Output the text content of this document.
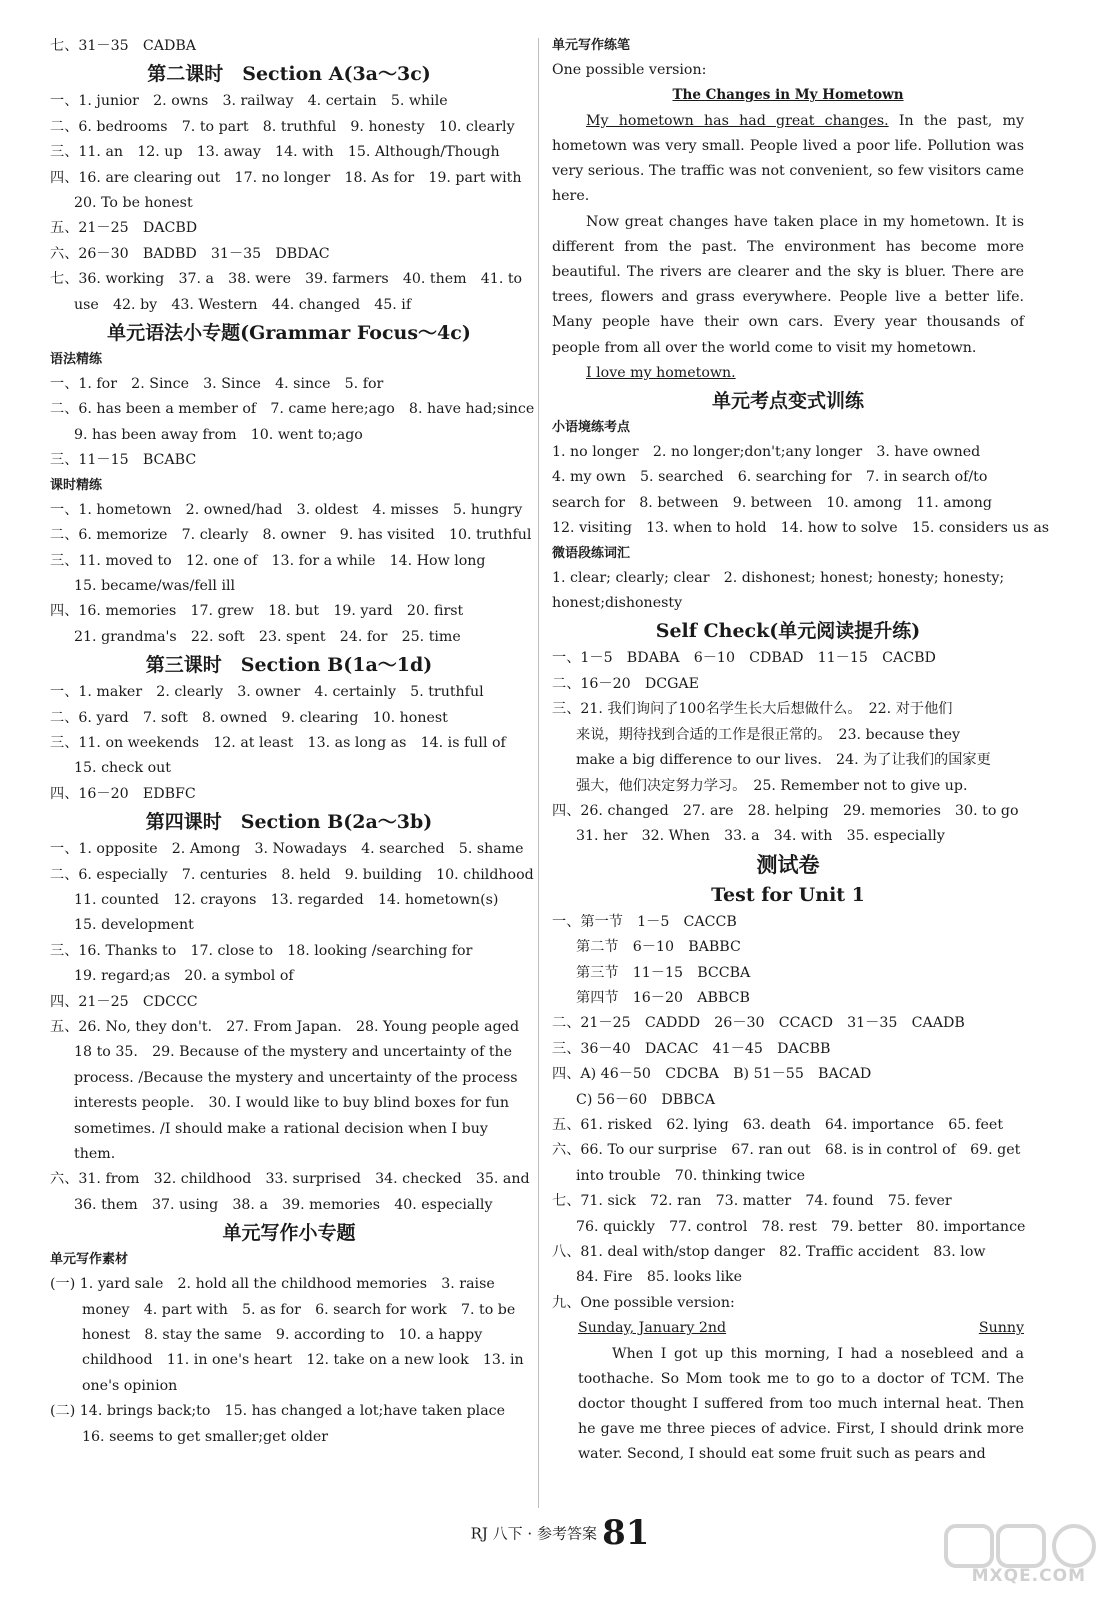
七、31－35　CADBA
第二课时　Section A(3a～3c)
一、1. junior　2. owns　3. railway　4. certain　5. while
二、6. bedrooms　7. to part　8. truthful　9. honesty　10. clearly
三、11. an　12. up　13. away　14. with　15. Although/Though
四、16. are clearing out　17. no longer　18. As for　19. part with
20. To be honest
五、21－25　DACBD
六、26－30　BADBD　31－35　DBDAC
七、36. working　37. a　38. were　39. farmers　40. them　41. to
use　42. by　43. Western　44. changed　45. if
单元语法小专题(Grammar Focus～4c)
语法精练
一、1. for　2. Since　3. Since　4. since　5. for
二、6. has been a member of　7. came here;ago　8. have had;since
9. has been away from　10. went to;ago
三、11－15　BCABC
课时精练
一、1. hometown　2. owned/had　3. oldest　4. misses　5. hungry
二、6. memorize　7. clearly　8. owner　9. has visited　10. truthful
三、11. moved to　12. one of　13. for a while　14. How long
15. became/was/fell ill
四、16. memories　17. grew　18. but　19. yard　20. first
21. grandma's　22. soft　23. spent　24. for　25. time
第三课时　Section B(1a～1d)
一、1. maker　2. clearly　3. owner　4. certainly　5. truthful
二、6. yard　7. soft　8. owned　9. clearing　10. honest
三、11. on weekends　12. at least　13. as long as　14. is full of
15. check out
四、16－20　EDBFC
第四课时　Section B(2a～3b)
一、1. opposite　2. Among　3. Nowadays　4. searched　5. shame
二、6. especially　7. centuries　8. held　9. building　10. childhood
11. counted　12. crayons　13. regarded　14. hometown(s)
15. development
三、16. Thanks to　17. close to　18. looking /searching for
19. regard;as　20. a symbol of
四、21－25　CDCCC
五、26. No, they don't.　27. From Japan.　28. Young people aged
18 to 35.　29. Because of the mystery and uncertainty of the
process. /Because the mystery and uncertainty of the process
interests people.　30. I would like to buy blind boxes for fun
sometimes. /I should make a rational decision when I buy
them.
六、31. from　32. childhood　33. surprised　34. checked　35. and
36. them　37. using　38. a　39. memories　40. especially
单元写作小专题
单元写作素材
(一) 1. yard sale　2. hold all the childhood memories　3. raise
money　4. part with　5. as for　6. search for work　7. to be
honest　8. stay the same　9. according to　10. a happy
childhood　11. in one's heart　12. take on a new look　13. in
one's opinion
(二) 14. brings back;to　15. has changed a lot;have taken place
16. seems to get smaller;get older
单元写作练笔
One possible version:
The Changes in My Hometown
My hometown has had great changes. In the past, my hometown was very small. People lived a poor life. Pollution was very serious. The traffic was not convenient, so few visitors came here.
Now great changes have taken place in my hometown. It is different from the past. The environment has become more beautiful. The rivers are clearer and the sky is bluer. There are trees, flowers and grass everywhere. People live a better life. Many people have their own cars. Every year thousands of people from all over the world come to visit my hometown.
I love my hometown.
单元考点变式训练
小语境练考点
1. no longer　2. no longer;don't;any longer　3. have owned
4. my own　5. searched　6. searching for　7. in search of/to
search for　8. between　9. between　10. among　11. among
12. visiting　13. when to hold　14. how to solve　15. considers us as
微语段练词汇
1. clear; clearly; clear　2. dishonest; honest; honesty; honesty;
honest;dishonesty
Self Check(单元阅读提升练)
一、1－5　BDABA　6－10　CDBAD　11－15　CACBD
二、16－20　DCGAE
三、21. 我们询问了100名学生长大后想做什么。　22. 对于他们
来说，期待找到合适的工作是很正常的。　23. because they
make a big difference to our lives.　24. 为了让我们的国家更
强大，他们决定努力学习。　25. Remember not to give up.
四、26. changed　27. are　28. helping　29. memories　30. to go
31. her　32. When　33. a　34. with　35. especially
测试卷
Test for Unit 1
一、第一节　1－5　CACCB
第二节　6－10　BABBC
第三节　11－15　BCCBA
第四节　16－20　ABBCB
二、21－25　CADDD　26－30　CCACD　31－35　CAADB
三、36－40　DACAC　41－45　DACBB
四、A) 46－50　CDCBA　B) 51－55　BACAD
C) 56－60　DBBCA
五、61. risked　62. lying　63. death　64. importance　65. feet
六、66. To our surprise　67. ran out　68. is in control of　69. get
into trouble　70. thinking twice
七、71. sick　72. ran　73. matter　74. found　75. fever
76. quickly　77. control　78. rest　79. better　80. importance
八、81. deal with/stop danger　82. Traffic accident　83. low
84. Fire　85. looks like
九、One possible version:
Sunday, January 2nd	Sunny
When I got up this morning, I had a nosebleed and a toothache. So Mom took me to go to a doctor of TCM. The doctor thought I suffered from too much internal heat. Then he gave me three pieces of advice. First, I should drink more water. Second, I should eat some fruit such as pears and
RJ 八下 · 参考答案 81
MXQE.COM
